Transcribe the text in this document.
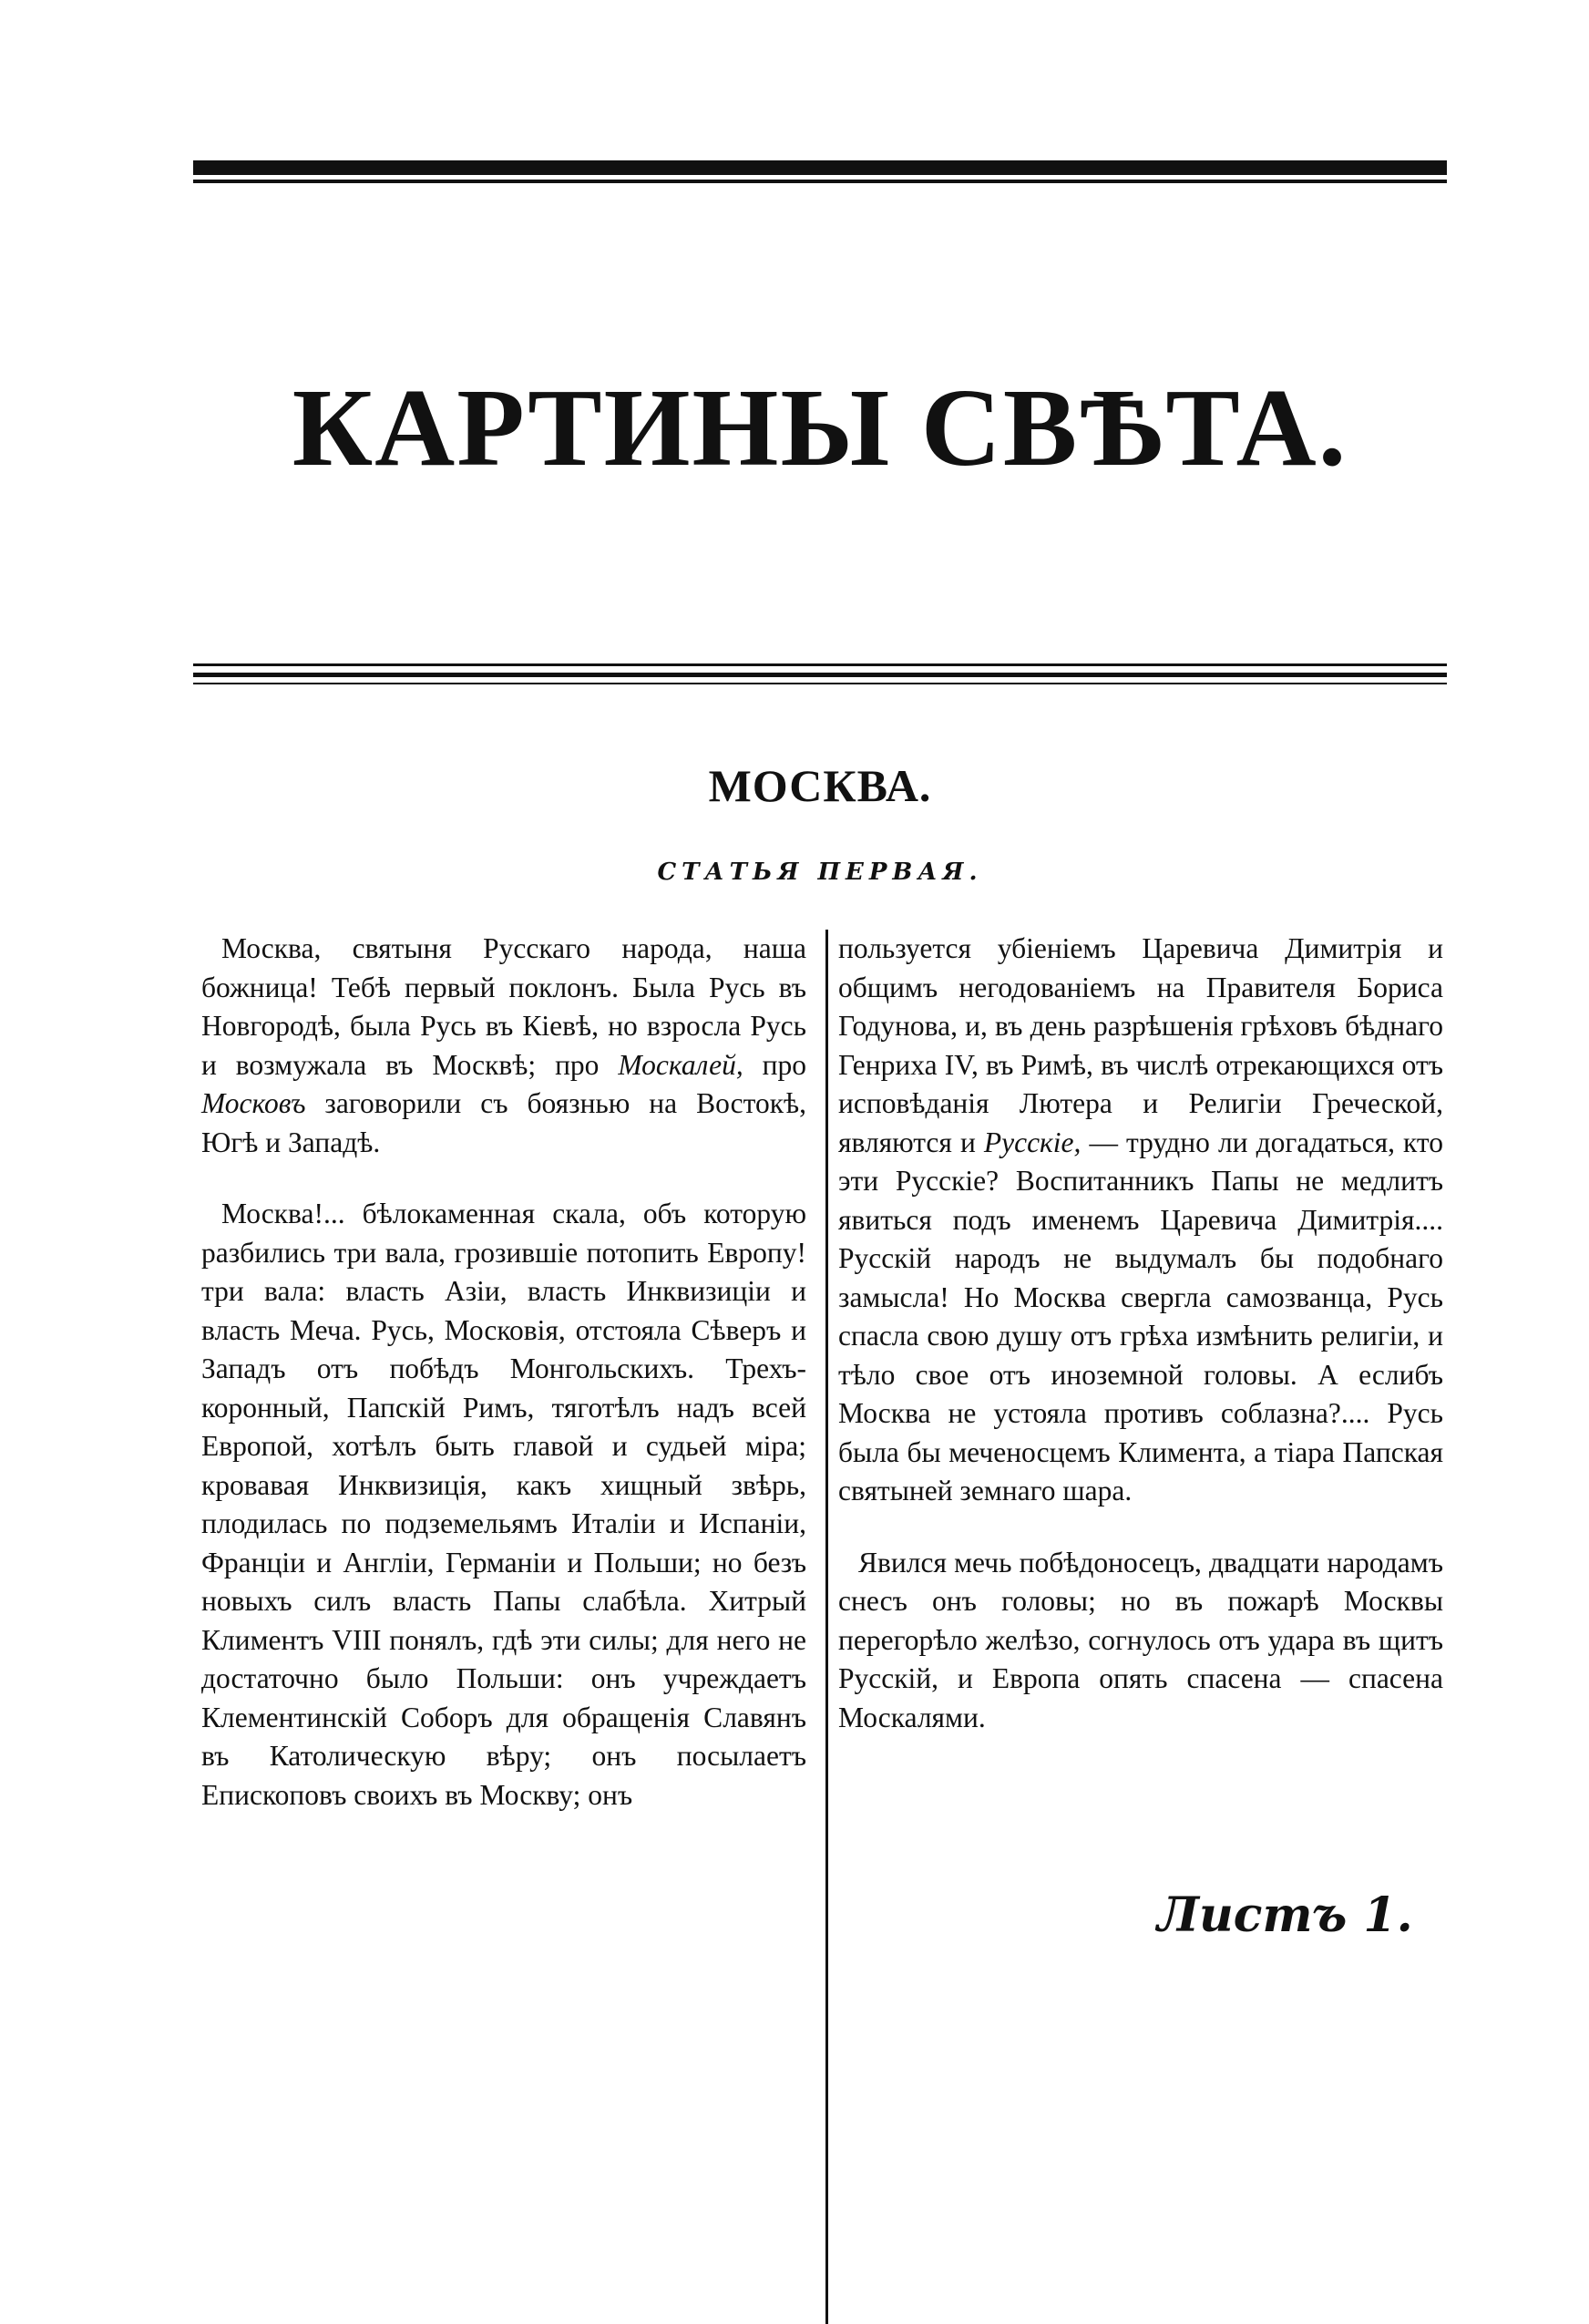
КАРТИНЫ СВѢТА.
МОСКВА.
СТАТЬЯ ПЕРВАЯ.

Москва, святыня Русскаго народа, наша божница! Тебѣ первый поклонъ. Была Русь въ Новгородѣ, была Русь въ Кіевѣ, но взросла Русь и возмужала въ Москвѣ; про Москалей, про Московъ заговорили съ боязнью на Востокѣ, Югѣ и Западѣ.

Москва!... бѣлокаменная скала, объ которую разбились три вала, грозившіе потопить Европу! три вала: власть Азіи, власть Инквизиціи и власть Меча. Русь, Московія, отстояла Сѣверъ и Западъ отъ побѣдъ Монгольскихъ. Трехъ-коронный, Папскій Римъ, тяготѣлъ надъ всей Европой, хотѣлъ быть главой и судьей міра; кровавая Инквизиція, какъ хищный звѣрь, плодилась по подземельямъ Италіи и Испаніи, Франціи и Англіи, Германіи и Польши; но безъ новыхъ силъ власть Папы слабѣла. Хитрый Климентъ VIII понялъ, гдѣ эти силы; для него не достаточно было Польши: онъ учреждаетъ Клементинскій Соборъ для обращенія Славянъ въ Католическую вѣру; онъ посылаетъ Епископовъ своихъ въ Москву; онъ

пользуется убіеніемъ Царевича Димитрія и общимъ негодованіемъ на Правителя Бориса Годунова, и, въ день разрѣшенія грѣховъ бѣднаго Генриха IV, въ Римѣ, въ числѣ отрекающихся отъ исповѣданія Лютера и Религіи Греческой, являются и Русскіе, — трудно ли догадаться, кто эти Русскіе? Воспитанникъ Папы не медлитъ явиться подъ именемъ Царевича Димитрія.... Русскій народъ не выдумалъ бы подобнаго замысла! Но Москва свергла самозванца, Русь спасла свою душу отъ грѣха измѣнить религіи, и тѣло свое отъ иноземной головы. А еслибъ Москва не устояла противъ соблазна?.... Русь была бы меченосцемъ Климента, а тіара Папская святыней земнаго шара.

Явился мечь побѣдоносецъ, двадцати народамъ снесъ онъ головы; но въ пожарѣ Москвы перегорѣло желѣзо, согнулось отъ удара въ щитъ Русскій, и Европа опять спасена — спасена Москалями.

Листъ 1.
